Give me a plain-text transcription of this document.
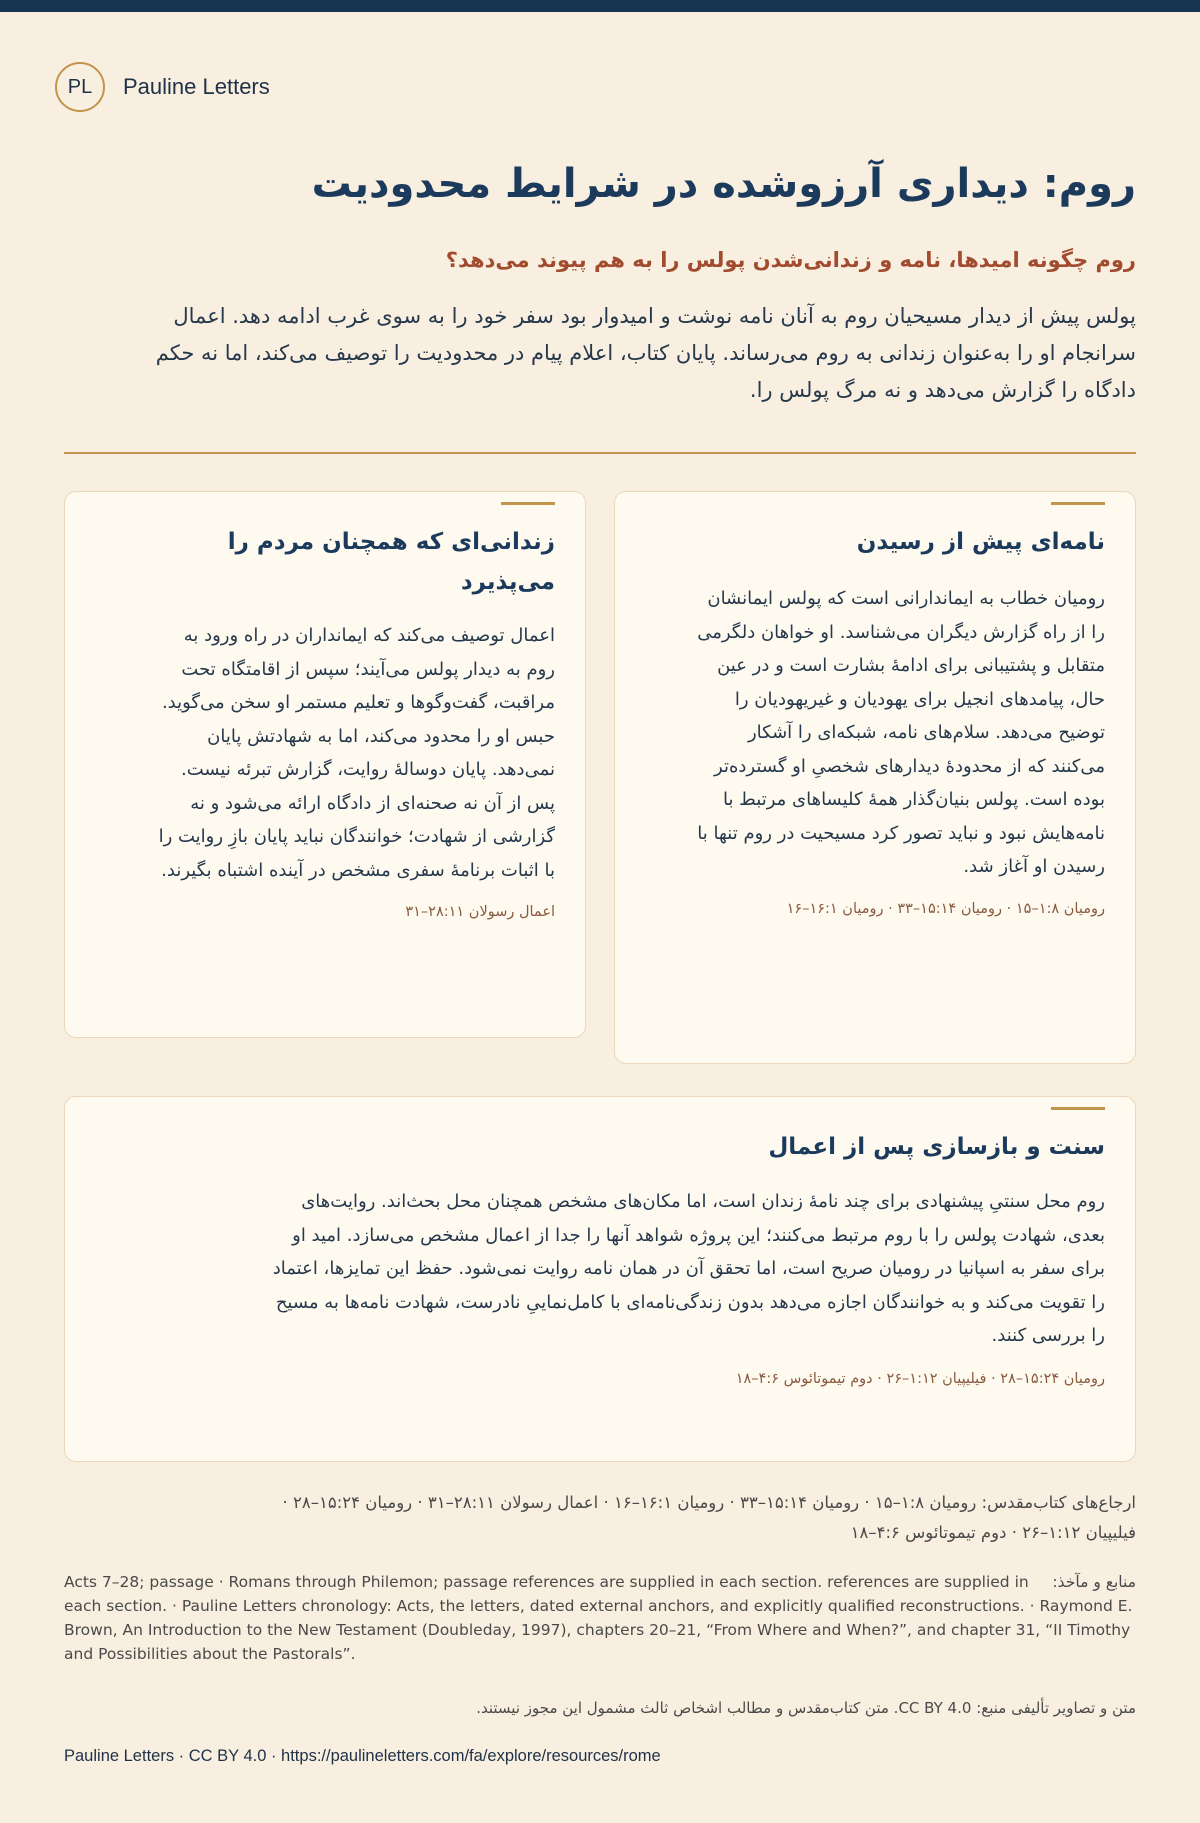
PL	Pauline Letters
روم: دیداری آرزوشده در شرایط محدودیت
روم چگونه امیدها، نامه و زندانی‌شدن پولس را به هم پیوند می‌دهد؟

پولس پیش از دیدار مسیحیان روم به آنان نامه نوشت و امیدوار بود سفر خود را به سوی غرب ادامه دهد. اعمال سرانجام او را به‌عنوان زندانی به روم می‌رساند. پایان کتاب، اعلام پیام در محدودیت را توصیف می‌کند، اما نه حکم دادگاه را گزارش می‌دهد و نه مرگ پولس را.

نامه‌ای پیش از رسیدن

رومیان خطاب به ایماندارانی است که پولس ایمانشان را از راه گزارش دیگران می‌شناسد. او خواهان دلگرمی متقابل و پشتیبانی برای ادامهٔ بشارت است و در عین حال، پیامدهای انجیل برای یهودیان و غیریهودیان را توضیح می‌دهد. سلام‌های نامه، شبکه‌ای را آشکار می‌کنند که از محدودهٔ دیدارهای شخصیِ او گسترده‌تر بوده است. پولس بنیان‌گذار همهٔ کلیساهای مرتبط با نامه‌هایش نبود و نباید تصور کرد مسیحیت در روم تنها با رسیدن او آغاز شد.

رومیان ۱:۸–۱۵ · رومیان ۱۵:۱۴–۳۳ · رومیان ۱۶:۱–۱۶
زندانی‌ای که همچنان مردم را می‌پذیرد

اعمال توصیف می‌کند که ایمانداران در راه ورود به روم به دیدار پولس می‌آیند؛ سپس از اقامتگاه تحت مراقبت، گفت‌وگوها و تعلیم مستمر او سخن می‌گوید. حبس او را محدود می‌کند، اما به شهادتش پایان نمی‌دهد. پایان دوسالهٔ روایت، گزارش تبرئه نیست. پس از آن نه صحنه‌ای از دادگاه ارائه می‌شود و نه گزارشی از شهادت؛ خوانندگان نباید پایان بازِ روایت را با اثبات برنامهٔ سفری مشخص در آینده اشتباه بگیرند.

اعمال رسولان ۲۸:۱۱–۳۱
سنت و بازسازی پس از اعمال

روم محل سنتیِ پیشنهادی برای چند نامهٔ زندان است، اما مکان‌های مشخص همچنان محل بحث‌اند. روایت‌های بعدی، شهادت پولس را با روم مرتبط می‌کنند؛ این پروژه شواهد آنها را جدا از اعمال مشخص می‌سازد. امید او برای سفر به اسپانیا در رومیان صریح است، اما تحقق آن در همان نامه روایت نمی‌شود. حفظ این تمایزها، اعتماد را تقویت می‌کند و به خوانندگان اجازه می‌دهد بدون زندگی‌نامه‌ای با کامل‌نماییِ نادرست، شهادت نامه‌ها به مسیح را بررسی کنند.

رومیان ۱۵:۲۴–۲۸ · فیلیپیان ۱:۱۲–۲۶ · دوم تیموتائوس ۴:۶–۱۸
ارجاع‌های کتاب‌مقدس: رومیان ۱:۸–۱۵ · رومیان ۱۵:۱۴–۳۳ · رومیان ۱۶:۱–۱۶ · اعمال رسولان ۲۸:۱۱–۳۱ · رومیان ۱۵:۲۴–۲۸ · فیلیپیان ۱:۱۲–۲۶ · دوم تیموتائوس ۴:۶–۱۸
منابع و مآخذ:
Acts 7–28; passage · Romans through Philemon; passage references are supplied in each section. references are supplied in each section. · Pauline Letters chronology: Acts, the letters, dated external anchors, and explicitly qualified reconstructions. · Raymond E. Brown, An Introduction to the New Testament (Doubleday, 1997), chapters 20–21, “From Where and When?”, and chapter 31, “II Timothy and Possibilities about the Pastorals”.
متن و تصاویر تألیفی منبع: CC BY 4.0. متن کتاب‌مقدس و مطالب اشخاص ثالث مشمول این مجوز نیستند.
Pauline Letters · CC BY 4.0 · https://paulineletters.com/fa/explore/resources/rome
